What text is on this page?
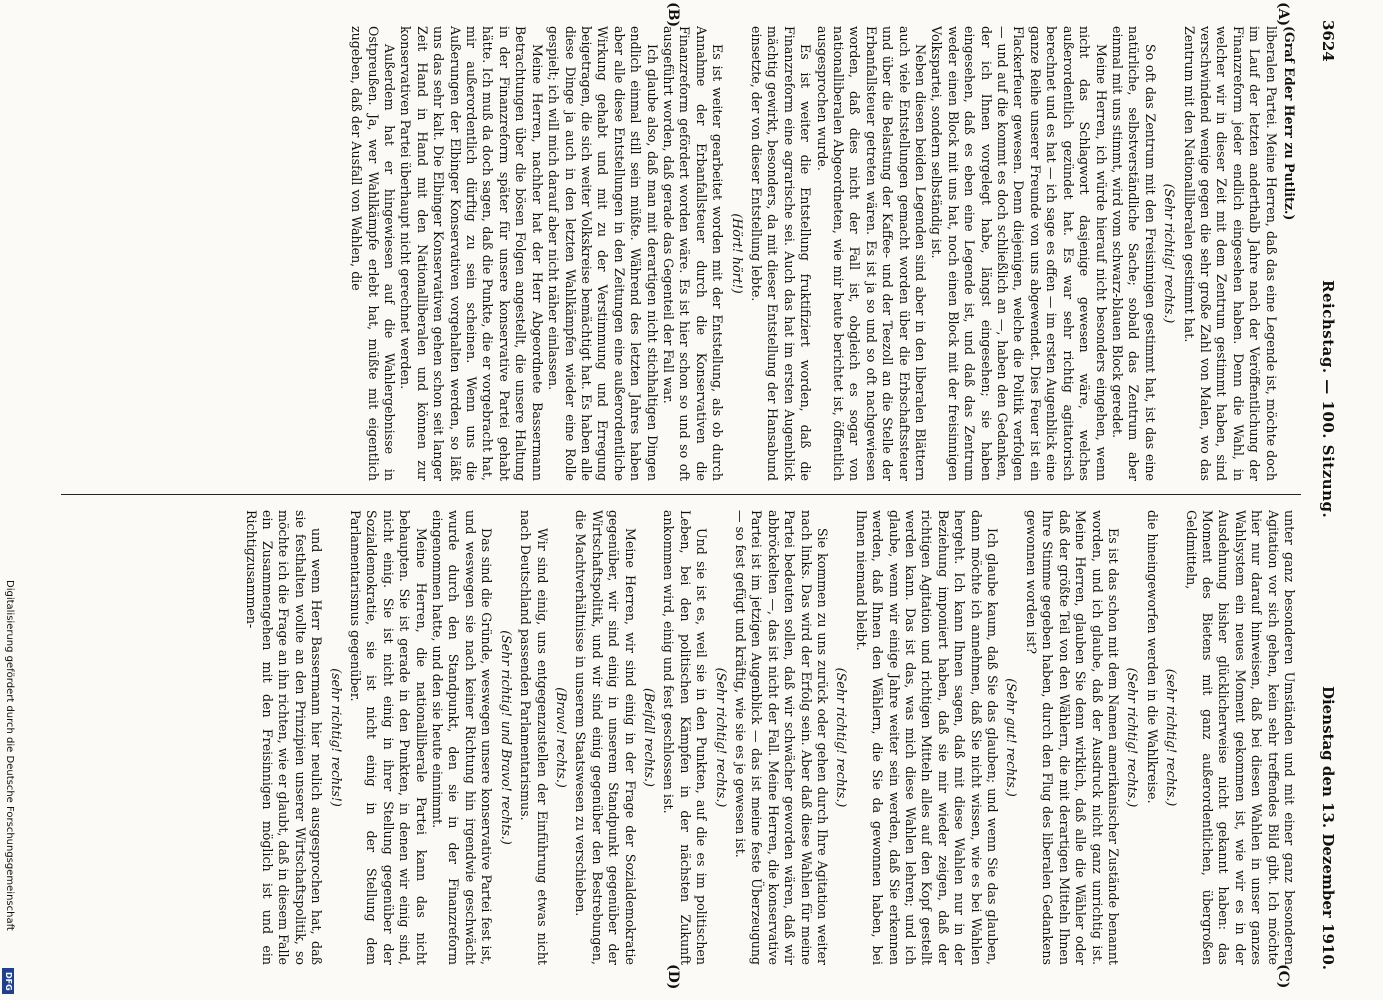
3624
Reichstag. — 100. Sitzung.
Dienstag den 13. Dezember 1910.
(A)
(B)
(C)
(D)

(Graf Eder Herr zu Putlitz.)

liberalen Partei. Meine Herren, daß das eine Legende ist, möchte doch im Lauf der letzten anderthalb Jahre nach der Veröffentlichung der Finanzreform jeder endlich eingesehen haben. Denn die Wahl, in welcher wir in dieser Zeit mit dem Zentrum gestimmt haben, sind verschwindend wenige gegen die sehr große Zahl von Malen, wo das Zentrum mit den Nationalliberalen gestimmt hat.

(Sehr richtig! rechts.)

So oft das Zentrum mit den Freisinnigen gestimmt hat, ist das eine natürliche, selbstverständliche Sache; sobald das Zentrum aber einmal mit uns stimmt, wird vom schwarz-blauen Block geredet.

Meine Herren, ich würde hierauf nicht besonders eingehen, wenn nicht das Schlagwort dasjenige gewesen wäre, welches außerordentlich gezündet hat. Es war sehr richtig agitatorisch berechnet und es hat — ich sage es offen — im ersten Augenblick eine ganze Reihe unserer Freunde von uns abgewendet. Dies Feuer ist ein Flackerfeuer gewesen. Denn diejenigen, welche die Politik verfolgen — und auf die kommt es doch schließlich an —, haben den Gedanken, der ich Ihnen vorgelegt habe, längst eingesehen; sie haben eingesehen, daß es eben eine Legende ist, und daß das Zentrum weder einen Block mit uns hat, noch einen Block mit der freisinnigen Volkspartei, sondern selbständig ist.

Neben diesen beiden Legenden sind aber in den liberalen Blättern auch viele Entstellungen gemacht worden über die Erbschaftssteuer und über die Belastung der Kaffee- und der Teezoll an die Stelle der Erbanfallsteuer getreten wären. Es ist ja so und so oft nachgewiesen worden, daß dies nicht der Fall ist, obgleich es sogar von nationalliberalen Abgeordneten, wie mir heute berichtet ist, öffentlich ausgesprochen wurde.

Es ist weiter die Entstellung fruktifiziert worden, daß die Finanzreform eine agrarische sei. Auch das hat im ersten Augenblick mächtig gewirkt, besonders, da mit dieser Entstellung der Hansabund einsetzte, der von dieser Entstellung lebte.

(Hört! hört!)

Es ist weiter gearbeitet worden mit der Entstellung, als ob durch Annahme der Erbanfallsteuer durch die Konservativen die Finanzreform gefördert worden wäre. Es ist hier schon so und so oft ausgeführt worden, daß gerade das Gegenteil der Fall war.

Ich glaube also, daß man mit derartigen nicht stichhaltigen Dingen endlich einmal still sein müßte. Während des letzten Jahres haben aber alle diese Entstellungen in den Zeitungen eine außerordentliche Wirkung gehabt und mit zu der Verstimmung und Erregung beigetragen, die sich weiter Volkskreise bemächtigt hat. Es haben alle diese Dinge ja auch in den letzten Wahlkämpfen wieder eine Rolle gespielt; ich will mich darauf aber nicht näher einlassen.

Meine Herren, nachher hat der Herr Abgeordnete Bassermann Betrachtungen über die bösen Folgen angestellt, die unsere Haltung in der Finanzreform später für unsere konservative Partei gehabt hätte. Ich muß da doch sagen, daß die Punkte, die er vorgebracht hat, mir außerordentlich dürftig zu sein scheinen. Wenn uns die Außerungen der Elbinger Konservativen vorgehalten werden, so läßt uns das sehr kalt. Die Elbinger Konservativen gehen schon seit langer Zeit Hand in Hand mit den Nationalliberalen und können zur konservativen Partei überhaupt nicht gerechnet werden.

Außerdem hat er hingewiesen auf die Wahlergebnisse in Ostpreußen. Ja, wer Wahlkämpfe erlebt hat, müßte mit eigentlich zugeben, daß der Ausfall von Wahlen, die

unter ganz besonderen Umständen und mit einer ganz besonderen Agitation vor sich gehen, kein sehr treffendes Bild gibt. Ich möchte hier nur darauf hinweisen, daß bei diesen Wahlen in unser ganzes Wahlsystem ein neues Moment gekommen ist, wie wir es in der Ausdehnung bisher glücklicherweise nicht gekannt haben: das Moment des Bietens mit ganz außerordentlichen, übergroßen Geldmitteln,

(sehr richtig! rechts.)

die hineingeworfen werden in die Wahlkreise.

(Sehr richtig! rechts.)

Es ist das schon mit dem Namen amerikanischer Zustände benannt worden, und ich glaube, daß der Ausdruck nicht ganz unrichtig ist. Meine Herren, glauben Sie denn wirklich, daß alle die Wähler oder daß der größte Teil von den Wählern, die mit derartigen Mitteln Ihnen Ihre Stimme gegeben haben, durch den Flug des liberalen Gedankens gewonnen worden ist?

(Sehr gut! rechts.)

Ich glaube kaum, daß Sie das glauben; und wenn Sie das glauben, dann möchte ich annehmen, daß Sie nicht wissen, wie es bei Wahlen hergeht. Ich kann Ihnen sagen, daß mit diese Wahlen nur in der Beziehung imponiert haben, daß sie mir wieder zeigen, daß der richtigen Agitation und richtigen Mitteln alles auf den Kopf gestellt werden kann. Das ist das, was mich diese Wahlen lehren; und ich glaube, wenn wir einige Jahre weiter sein werden, daß Sie erkennen werden, daß Ihnen den Wählern, die Sie da gewonnen haben, bei Ihnen niemand bleibt.

(Sehr richtig! rechts.)

Sie kommen zu uns zurück oder gehen durch Ihre Agitation weiter nach links. Das wird der Erfolg sein. Aber daß diese Wahlen für meine Partei bedeuten sollen, daß wir schwächer geworden wären, daß wir abbröckelten —, das ist nicht der Fall. Meine Herren, die konservative Partei ist im jetzigen Augenblick — das ist meine feste Überzeugung — so fest gefügt und kräftig, wie sie es je gewesen ist.

(Sehr richtig! rechts.)

Und sie ist es, weil sie in den Punkten, auf die es im politischen Leben, bei den politischen Kämpfen in der nächsten Zukunft ankommen wird, einig und fest geschlossen ist.

(Beifall rechts.)

Meine Herren, wir sind einig in der Frage der Sozialdemokratie gegenüber, wir sind einig in unserem Standpunkt gegenüber der Wirtschaftspolitik, und wir sind einig gegenüber den Bestrebungen, die Machtverhältnisse in unserem Staatswesen zu verschieben.

(Bravo! rechts.)

Wir sind einig, uns entgegenzustellen der Einführung etwas nicht nach Deutschland passenden Parlamentarismus.

(Sehr richtig! und Bravo! rechts.)

Das sind die Gründe, weswegen unsere konservative Partei fest ist, und weswegen sie nach keiner Richtung hin irgendwie geschwächt wurde durch den Standpunkt, den sie in der Finanzreform eingenommen hatte, und den sie heute einnimmt.

Meine Herren, die nationalliberale Partei kann das nicht behaupten. Sie ist gerade in den Punkten, in denen wir einig sind, nicht einig. Sie ist nicht einig in ihrer Stellung gegenüber der Sozialdemokratie, sie ist nicht einig in der Stellung dem Parlamentarismus gegenüber.

(sehr richtig! rechts!)

und wenn Herr Bassermann hier neulich ausgesprochen hat, daß sie festhalten wollte an den Prinzipien unserer Wirtschaftspolitik, so möchte ich die Frage an ihn richten, wie er glaubt, daß in diesem Falle ein Zusammengehen mit den Freisinnigen möglich ist und ein Richtigzusammen-

Digitalisierung gefördert durch die Deutsche Forschungsgemeinschaft
DFG
